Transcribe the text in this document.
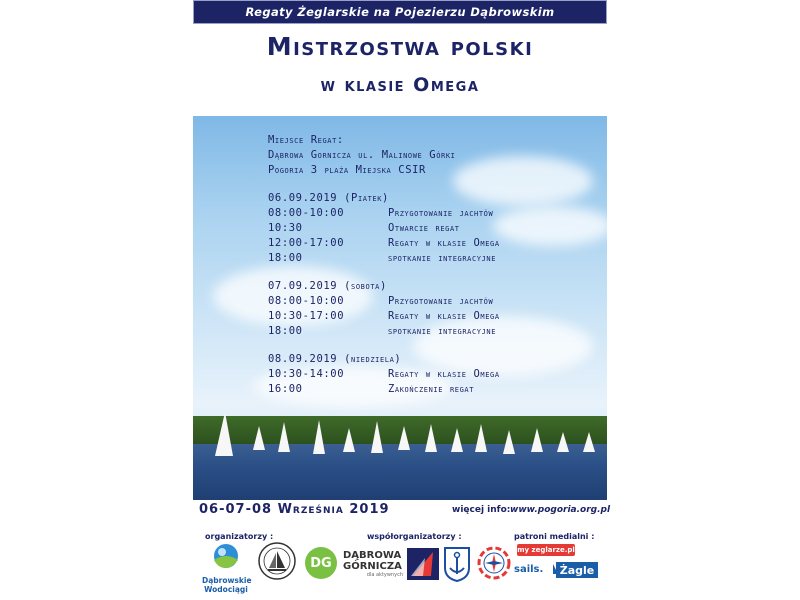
Regaty Żeglarskie na Pojezierzu Dąbrowskim
Mistrzostwa polski
w klasie Omega
Miejsce Regat:
Dąbrowa Gornicza ul. Malinowe Górki
Pogoria 3 plaża Miejska CSIR
06.09.2019 (Piatek)
08:00-10:00	Przygotowanie jachtów
10:30	Otwarcie regat
12:00-17:00	Regaty w klasie Omega
18:00	spotkanie integracyjne
07.09.2019 (sobota)
08:00-10:00	Przygotowanie jachtów
10:30-17:00	Regaty w klasie Omega
18:00	spotkanie integracyjne
08.09.2019 (niedziela)
10:30-14:00	Regaty w klasie Omega
16:00	Zakończenie regat
06-07-08 Września 2019	więcej info: www.pogoria.org.pl
organizatorzy :	współorganizatorzy :	patroni medialni :
Dąbrowskie
Wodociągi
DG	DĄBROWA
GÓRNICZA
dla aktywnych
my zeglarze.pl
sails.	Żagle
